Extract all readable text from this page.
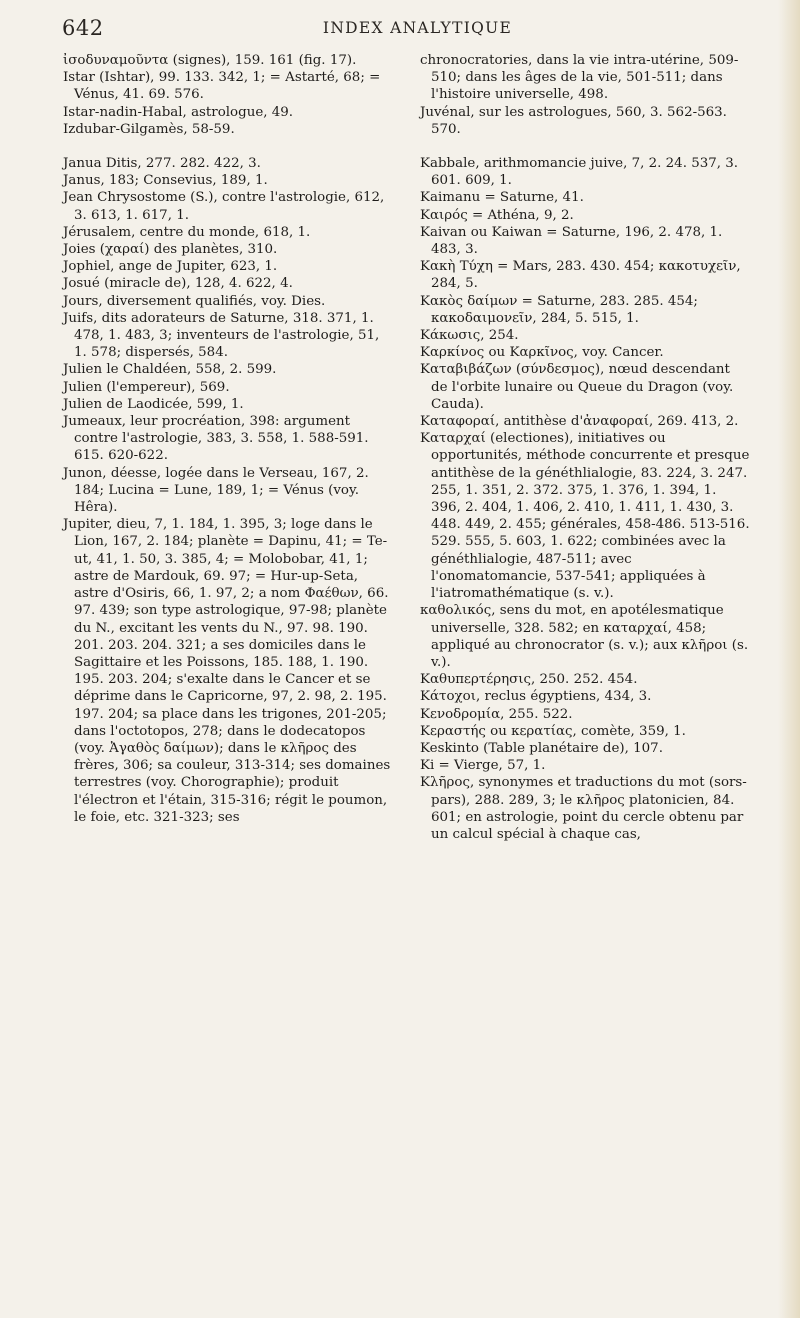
642	INDEX ANALYTIQUE

ἰσοδυναμοῦντα (signes), 159. 161 (fig. 17).

Istar (Ishtar), 99. 133. 342, 1; = Astarté, 68; = Vénus, 41. 69. 576.

Istar-nadin-Habal, astrologue, 49.

Izdubar-Gilgamès, 58-59.

Janua Ditis, 277. 282. 422, 3.

Janus, 183; Consevius, 189, 1.

Jean Chrysostome (S.), contre l'astrologie, 612, 3. 613, 1. 617, 1.

Jérusalem, centre du monde, 618, 1.

Joies (χαραί) des planètes, 310.

Jophiel, ange de Jupiter, 623, 1.

Josué (miracle de), 128, 4. 622, 4.

Jours, diversement qualifiés, voy. Dies.

Juifs, dits adorateurs de Saturne, 318. 371, 1. 478, 1. 483, 3; inventeurs de l'astrologie, 51, 1. 578; dispersés, 584.

Julien le Chaldéen, 558, 2. 599.

Julien (l'empereur), 569.

Julien de Laodicée, 599, 1.

Jumeaux, leur procréation, 398: argument contre l'astrologie, 383, 3. 558, 1. 588-591. 615. 620-622.

Junon, déesse, logée dans le Verseau, 167, 2. 184; Lucina = Lune, 189, 1; = Vénus (voy. Hêra).

Jupiter, dieu, 7, 1. 184, 1. 395, 3; loge dans le Lion, 167, 2. 184; planète = Dapinu, 41; = Te-ut, 41, 1. 50, 3. 385, 4; = Molobobar, 41, 1; astre de Mardouk, 69. 97; = Hur-up-Seta, astre d'Osiris, 66, 1. 97, 2; a nom Φαέθων, 66. 97. 439; son type astrologique, 97-98; planète du N., excitant les vents du N., 97. 98. 190. 201. 203. 204. 321; a ses domiciles dans le Sagittaire et les Poissons, 185. 188, 1. 190. 195. 203. 204; s'exalte dans le Cancer et se déprime dans le Capricorne, 97, 2. 98, 2. 195. 197. 204; sa place dans les trigones, 201-205; dans l'octotopos, 278; dans le dodecatopos (voy. Ἀγαθὸς δαίμων); dans le κλῆρος des frères, 306; sa couleur, 313-314; ses domaines terrestres (voy. Chorographie); produit l'électron et l'étain, 315-316; régit le poumon, le foie, etc. 321-323; ses

chronocratories, dans la vie intra-utérine, 509-510; dans les âges de la vie, 501-511; dans l'histoire universelle, 498.

Juvénal, sur les astrologues, 560, 3. 562-563. 570.

Kabbale, arithmomancie juive, 7, 2. 24. 537, 3. 601. 609, 1.

Kaimanu = Saturne, 41.

Καιρός = Athéna, 9, 2.

Kaivan ou Kaiwan = Saturne, 196, 2. 478, 1. 483, 3.

Κακὴ Τύχη = Mars, 283. 430. 454; κακοτυχεῖν, 284, 5.

Κακὸς δαίμων = Saturne, 283. 285. 454; κακοδαιμονεῖν, 284, 5. 515, 1.

Κάκωσις, 254.

Καρκίνος ou Καρκῖνος, voy. Cancer.

Καταβιβάζων (σύνδεσμος), nœud descendant de l'orbite lunaire ou Queue du Dragon (voy. Cauda).

Καταφοραί, antithèse d'ἀναφοραί, 269. 413, 2.

Καταρχαί (electiones), initiatives ou opportunités, méthode concurrente et presque antithèse de la généthlialogie, 83. 224, 3. 247. 255, 1. 351, 2. 372. 375, 1. 376, 1. 394, 1. 396, 2. 404, 1. 406, 2. 410, 1. 411, 1. 430, 3. 448. 449, 2. 455; générales, 458-486. 513-516. 529. 555, 5. 603, 1. 622; combinées avec la généthlialogie, 487-511; avec l'onomatomancie, 537-541; appliquées à l'iatromathématique (s. v.).

καθολικός, sens du mot, en apotélesmatique universelle, 328. 582; en καταρχαί, 458; appliqué au chronocrator (s. v.); aux κλῆροι (s. v.).

Καθυπερτέρησις, 250. 252. 454.

Κάτοχοι, reclus égyptiens, 434, 3.

Κενοδρομία, 255. 522.

Κεραστής ou κερατίας, comète, 359, 1.

Keskinto (Table planétaire de), 107.

Ki = Vierge, 57, 1.

Κλῆρος, synonymes et traductions du mot (sors-pars), 288. 289, 3; le κλῆρος platonicien, 84. 601; en astrologie, point du cercle obtenu par un calcul spécial à chaque cas,
